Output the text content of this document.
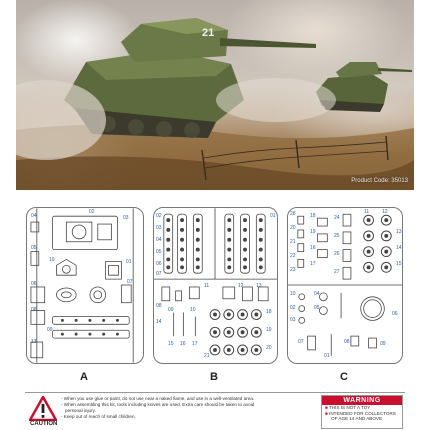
21
Product Code: 35013
04
02
03
05
10	01
06	07
08
09
13
02
03
04
05
06
07
01
11	12 13
08
09	10
14
15 16 17
18
19
20
21
28
20
21
22
23
18
19
16
17
24
25
26
27
11	12
13
14
15
10
02
03
04
05
06
07	08	09
01
A	B	C
CAUTION
- When you use glue or paint, do not use near a naked flame, and use in a well-ventilated area.
- When assembling this kit, tools including knives are used. Extra care should be taken to avoid
personal injury.
- Keep out of reach of small children.
WARNING
■ THIS IS NOT A TOY
■ INTENDED FOR COLLECTORS
OF AGE 14 AND ABOVE
